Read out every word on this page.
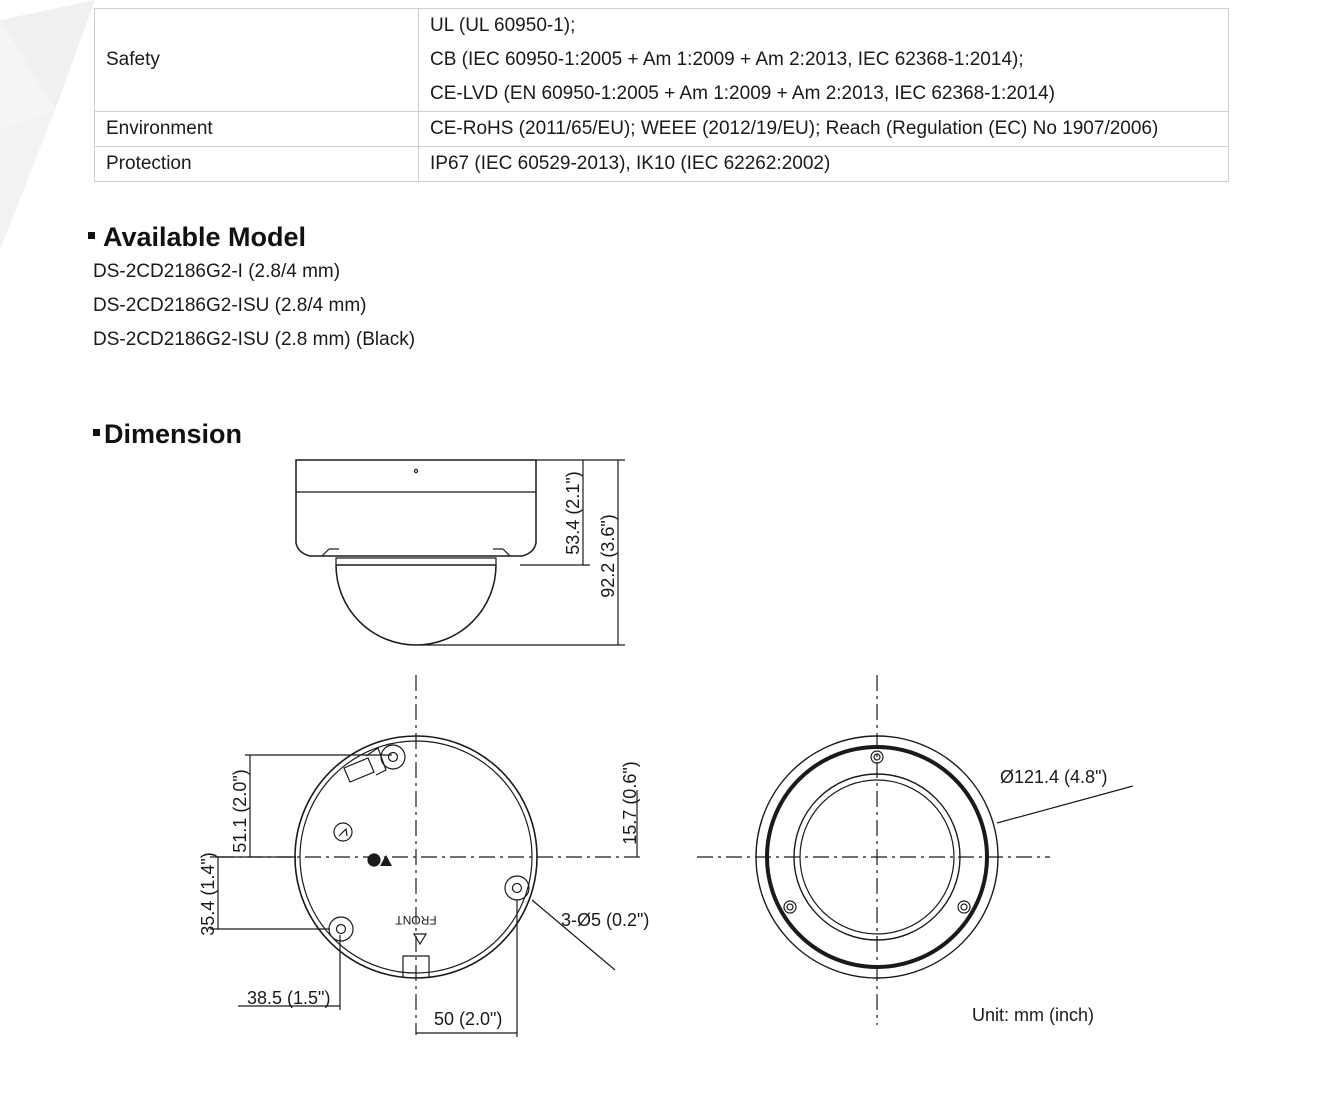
Safety	UL (UL 60950-1);
CB (IEC 60950-1:2005 + Am 1:2009 + Am 2:2013, IEC 62368-1:2014);
CE-LVD (EN 60950-1:2005 + Am 1:2009 + Am 2:2013, IEC 62368-1:2014)

Environment	CE-RoHS (2011/65/EU); WEEE (2012/19/EU); Reach (Regulation (EC) No 1907/2006)

Protection	IP67 (IEC 60529-2013), IK10 (IEC 62262:2002)
Available Model
DS-2CD2186G2-I (2.8/4 mm)
DS-2CD2186G2-ISU (2.8/4 mm)
DS-2CD2186G2-ISU (2.8 mm) (Black)
Dimension
53.4 (2.1")
92.2 (3.6")
51.1 (2.0")
35.4 (1.4")
15.7 (0.6")
3-Ø5 (0.2")
38.5 (1.5")
50 (2.0")
FRONT
Ø121.4 (4.8")
Unit: mm (inch)
